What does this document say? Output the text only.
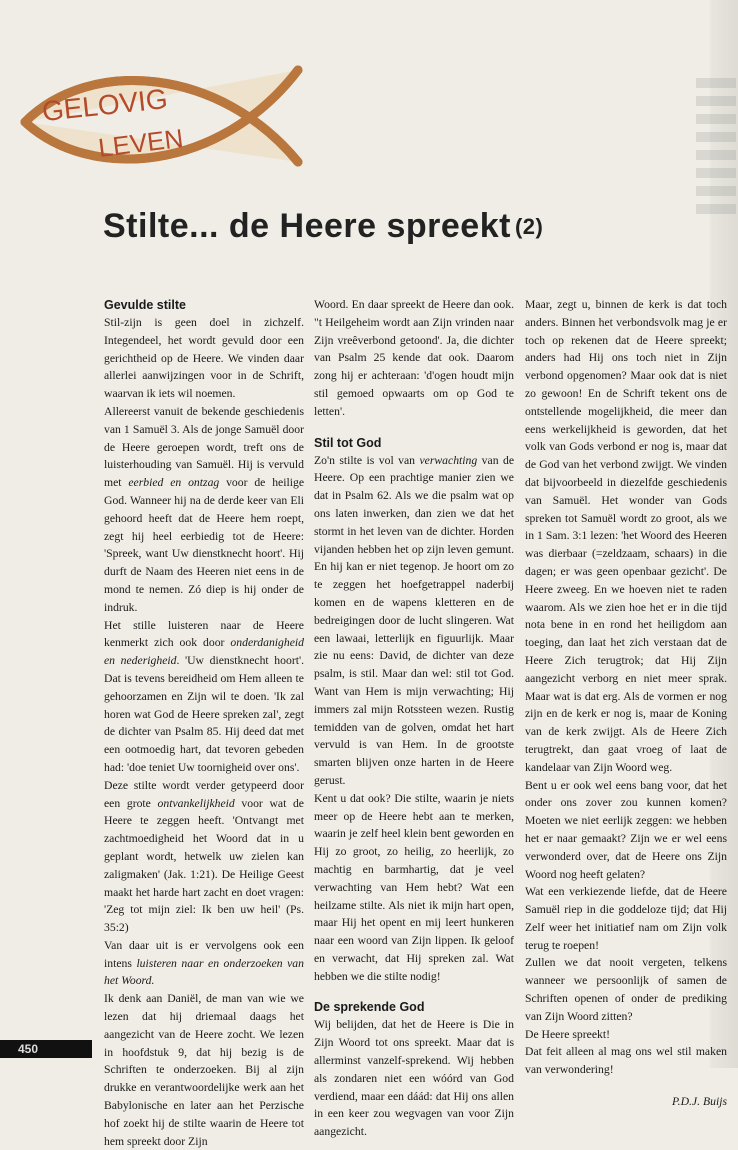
GELOVIG
LEVEN
Stilte... de Heere spreekt (2)
Gevulde stilte

Stil-zijn is geen doel in zichzelf. Integendeel, het wordt gevuld door een gerichtheid op de Heere. We vinden daar allerlei aanwijzingen voor in de Schrift, waarvan ik iets wil noemen.

Allereerst vanuit de bekende geschiedenis van 1 Samuël 3. Als de jonge Samuël door de Heere geroepen wordt, treft ons de luisterhouding van Samuël. Hij is vervuld met eerbied en ontzag voor de heilige God. Wanneer hij na de derde keer van Eli gehoord heeft dat de Heere hem roept, zegt hij heel eerbiedig tot de Heere: 'Spreek, want Uw dienstknecht hoort'. Hij durft de Naam des Heeren niet eens in de mond te nemen. Zó diep is hij onder de indruk.

Het stille luisteren naar de Heere kenmerkt zich ook door onderdanigheid en nederigheid. 'Uw dienstknecht hoort'. Dat is tevens bereidheid om Hem alleen te gehoorzamen en Zijn wil te doen. 'Ik zal horen wat God de Heere spreken zal', zegt de dichter van Psalm 85. Hij deed dat met een ootmoedig hart, dat tevoren gebeden had: 'doe teniet Uw toornigheid over ons'.

Deze stilte wordt verder getypeerd door een grote ontvankelijkheid voor wat de Heere te zeggen heeft. 'Ontvangt met zachtmoedigheid het Woord dat in u geplant wordt, hetwelk uw zielen kan zaligmaken' (Jak. 1:21). De Heilige Geest maakt het harde hart zacht en doet vragen: 'Zeg tot mijn ziel: Ik ben uw heil' (Ps. 35:2)

Van daar uit is er vervolgens ook een intens luisteren naar en onderzoeken van het Woord.

Ik denk aan Daniël, de man van wie we lezen dat hij driemaal daags het aangezicht van de Heere zocht. We lezen in hoofdstuk 9, dat hij bezig is de Schriften te onderzoeken. Bij al zijn drukke en verantwoordelijke werk aan het Babylonische en later aan het Perzische hof zoekt hij de stilte waarin de Heere tot hem spreekt door Zijn

Woord. En daar spreekt de Heere dan ook. "t Heilgeheim wordt aan Zijn vrinden naar Zijn vreêverbond getoond'. Ja, die dichter van Psalm 25 kende dat ook. Daarom zong hij er achteraan: 'd'ogen houdt mijn stil gemoed opwaarts om op God te letten'.

Stil tot God

Zo'n stilte is vol van verwachting van de Heere. Op een prachtige manier zien we dat in Psalm 62. Als we die psalm wat op ons laten inwerken, dan zien we dat het stormt in het leven van de dichter. Horden vijanden hebben het op zijn leven gemunt. En hij kan er niet tegenop. Je hoort om zo te zeggen het hoefgetrappel naderbij komen en de wapens kletteren en de bedreigingen door de lucht slingeren. Wat een lawaai, letterlijk en figuurlijk. Maar zie nu eens: David, de dichter van deze psalm, is stil. Maar dan wel: stil tot God. Want van Hem is mijn verwachting; Hij immers zal mijn Rotssteen wezen. Rustig temidden van de golven, omdat het hart vervuld is van Hem. In de grootste smarten blijven onze harten in de Heere gerust.

Kent u dat ook? Die stilte, waarin je niets meer op de Heere hebt aan te merken, waarin je zelf heel klein bent geworden en Hij zo groot, zo heilig, zo heerlijk, zo machtig en barmhartig, dat je veel verwachting van Hem hebt? Wat een heilzame stilte. Als niet ik mijn hart open, maar Hij het opent en mij leert hunkeren naar een woord van Zijn lippen. Ik geloof en verwacht, dat Hij spreken zal. Wat hebben we die stilte nodig!

De sprekende God

Wij belijden, dat het de Heere is Die in Zijn Woord tot ons spreekt. Maar dat is allerminst vanzelf-sprekend. Wij hebben als zondaren niet een wóórd van God verdiend, maar een dáád: dat Hij ons allen in een keer zou wegvagen van voor Zijn aangezicht.

Maar, zegt u, binnen de kerk is dat toch anders. Binnen het verbondsvolk mag je er toch op rekenen dat de Heere spreekt; anders had Hij ons toch niet in Zijn verbond opgenomen? Maar ook dat is niet zo gewoon! En de Schrift tekent ons de ontstellende mogelijkheid, die meer dan eens werkelijkheid is geworden, dat het volk van Gods verbond er nog is, maar dat de God van het verbond zwijgt. We vinden dat bijvoorbeeld in diezelfde geschiedenis van Samuël. Het wonder van Gods spreken tot Samuël wordt zo groot, als we in 1 Sam. 3:1 lezen: 'het Woord des Heeren was dierbaar (=zeldzaam, schaars) in die dagen; er was geen openbaar gezicht'. De Heere zweeg. En we hoeven niet te raden waarom. Als we zien hoe het er in die tijd nota bene in en rond het heiligdom aan toeging, dan laat het zich verstaan dat de Heere Zich terugtrok; dat Hij Zijn aangezicht verborg en niet meer sprak. Maar wat is dat erg. Als de vormen er nog zijn en de kerk er nog is, maar de Koning van de kerk zwijgt. Als de Heere Zich terugtrekt, dan gaat vroeg of laat de kandelaar van Zijn Woord weg.

Bent u er ook wel eens bang voor, dat het onder ons zover zou kunnen komen? Moeten we niet eerlijk zeggen: we hebben het er naar gemaakt? Zijn we er wel eens verwonderd over, dat de Heere ons Zijn Woord nog heeft gelaten?

Wat een verkiezende liefde, dat de Heere Samuël riep in die goddeloze tijd; dat Hij Zelf weer het initiatief nam om Zijn volk terug te roepen!

Zullen we dat nooit vergeten, telkens wanneer we persoonlijk of samen de Schriften openen of onder de prediking van Zijn Woord zitten?

De Heere spreekt!

Dat feit alleen al mag ons wel stil maken van verwondering!

P.D.J. Buijs

450
